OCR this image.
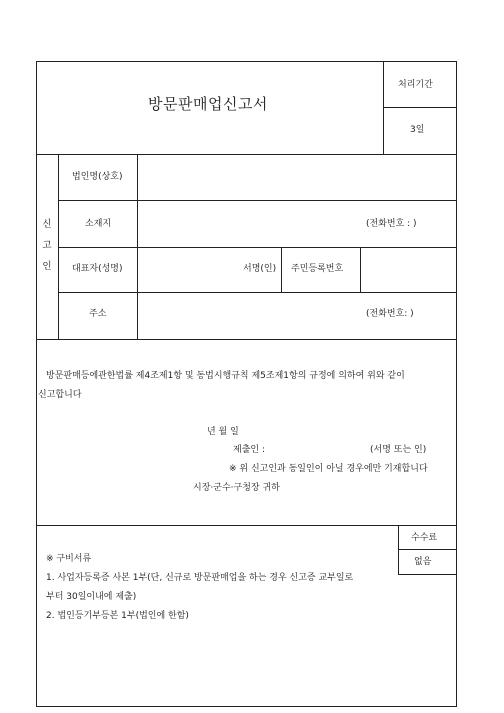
방문판매업신고서
처리기간
3일
신
고
인
법인명(상호)
소재지	(전화번호 : )
대표자(성명)	서명(인) 주민등록번호
주소	(전화번호: )
방문판매등에관한법률 제4조제1항 및 동법시행규칙 제5조제1항의 규정에 의하여 위와 같이
신고합니다
년 월 일
제출인 :	(서명 또는 인)
※ 위 신고인과 동일인이 아닐 경우에만 기재합니다
시장·군수·구청장 귀하
수수료
없음
※ 구비서류
1. 사업자등록증 사본 1부(단, 신규로 방문판매업을 하는 경우 신고증 교부일로
부터 30일이내에 제출)
2. 법인등기부등본 1부(법인에 한함)
